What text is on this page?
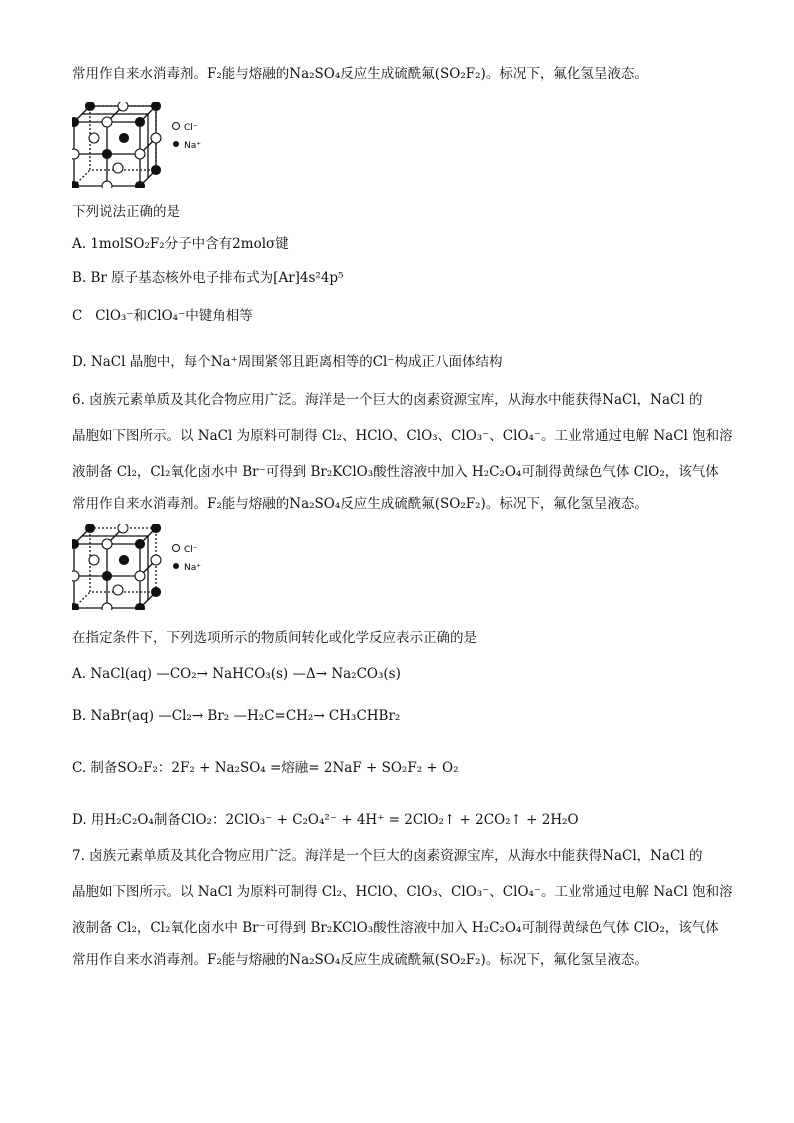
常用作自来水消毒剂。F₂能与熔融的Na₂SO₄反应生成硫酰氟(SO₂F₂)。标况下，氟化氢呈液态。
Cl⁻
Na⁺
下列说法正确的是
A. 1molSO₂F₂分子中含有2molσ键
B. Br 原子基态核外电子排布式为[Ar]4s²4p⁵
C ClO₃⁻和ClO₄⁻中键角相等
D. NaCl 晶胞中，每个Na⁺周围紧邻且距离相等的Cl⁻构成正八面体结构
6. 卤族元素单质及其化合物应用广泛。海洋是一个巨大的卤素资源宝库，从海水中能获得NaCl，NaCl 的
晶胞如下图所示。以 NaCl 为原料可制得 Cl₂、HClO、ClO₃、ClO₃⁻、ClO₄⁻。工业常通过电解 NaCl 饱和溶
液制备 Cl₂，Cl₂氧化卤水中 Br⁻可得到 Br₂KClO₃酸性溶液中加入 H₂C₂O₄可制得黄绿色气体 ClO₂，该气体
常用作自来水消毒剂。F₂能与熔融的Na₂SO₄反应生成硫酰氟(SO₂F₂)。标况下，氟化氢呈液态。
Cl⁻
Na⁺
在指定条件下，下列选项所示的物质间转化或化学反应表示正确的是
A. NaCl(aq) —CO₂→ NaHCO₃(s) —Δ→ Na₂CO₃(s)
B. NaBr(aq) —Cl₂→ Br₂ —H₂C=CH₂→ CH₃CHBr₂
C. 制备SO₂F₂：2F₂ + Na₂SO₄ =熔融= 2NaF + SO₂F₂ + O₂
D. 用H₂C₂O₄制备ClO₂：2ClO₃⁻ + C₂O₄²⁻ + 4H⁺ = 2ClO₂↑ + 2CO₂↑ + 2H₂O
7. 卤族元素单质及其化合物应用广泛。海洋是一个巨大的卤素资源宝库，从海水中能获得NaCl，NaCl 的
晶胞如下图所示。以 NaCl 为原料可制得 Cl₂、HClO、ClO₃、ClO₃⁻、ClO₄⁻。工业常通过电解 NaCl 饱和溶
液制备 Cl₂，Cl₂氧化卤水中 Br⁻可得到 Br₂KClO₃酸性溶液中加入 H₂C₂O₄可制得黄绿色气体 ClO₂，该气体
常用作自来水消毒剂。F₂能与熔融的Na₂SO₄反应生成硫酰氟(SO₂F₂)。标况下，氟化氢呈液态。
